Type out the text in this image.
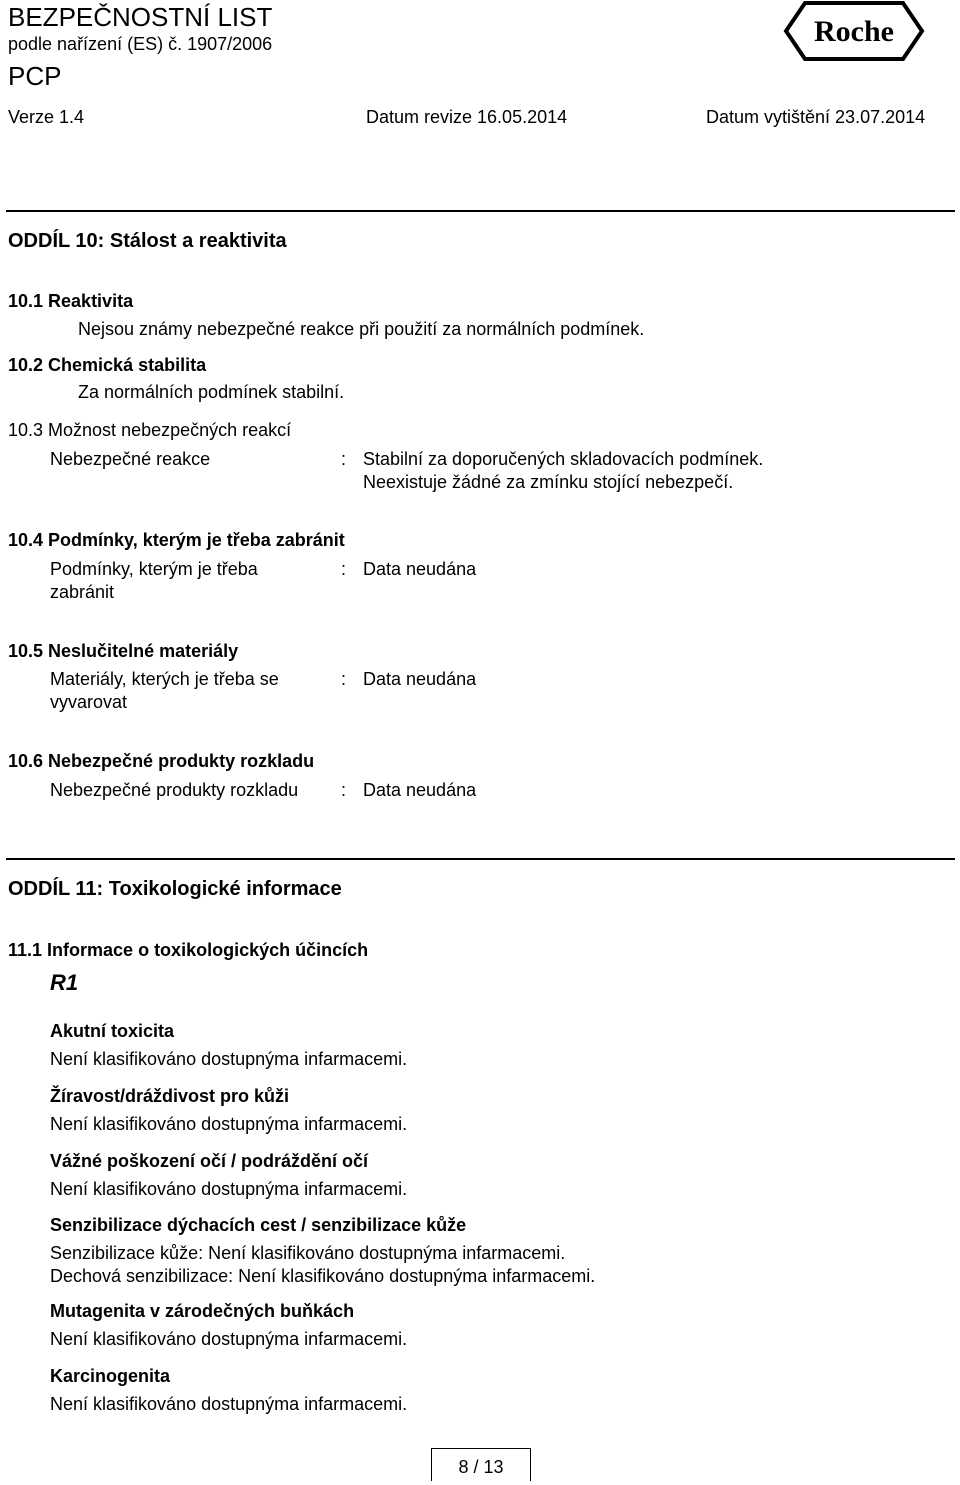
BEZPEČNOSTNÍ LIST
podle nařízení (ES) č. 1907/2006
PCP
Roche
Verze 1.4	Datum revize 16.05.2014	Datum vytištění 23.07.2014
ODDÍL 10: Stálost a reaktivita
10.1 Reaktivita
Nejsou známy nebezpečné reakce při použití za normálních podmínek.
10.2 Chemická stabilita
Za normálních podmínek stabilní.
10.3 Možnost nebezpečných reakcí
Nebezpečné reakce	: Stabilní za doporučených skladovacích podmínek.
Neexistuje žádné za zmínku stojící nebezpečí.
10.4 Podmínky, kterým je třeba zabránit
Podmínky, kterým je třeba zabránit
: Data neudána
10.5 Neslučitelné materiály
Materiály, kterých je třeba se vyvarovat
: Data neudána
10.6 Nebezpečné produkty rozkladu
Nebezpečné produkty rozkladu	: Data neudána
ODDÍL 11: Toxikologické informace
11.1 Informace o toxikologických účincích
R1
Akutní toxicita
Není klasifikováno dostupnýma infarmacemi.
Žíravost/dráždivost pro kůži
Není klasifikováno dostupnýma infarmacemi.
Vážné poškození očí / podráždění očí
Není klasifikováno dostupnýma infarmacemi.
Senzibilizace dýchacích cest / senzibilizace kůže
Senzibilizace kůže: Není klasifikováno dostupnýma infarmacemi.
Dechová senzibilizace: Není klasifikováno dostupnýma infarmacemi.
Mutagenita v zárodečných buňkách
Není klasifikováno dostupnýma infarmacemi.
Karcinogenita
Není klasifikováno dostupnýma infarmacemi.
8 / 13
